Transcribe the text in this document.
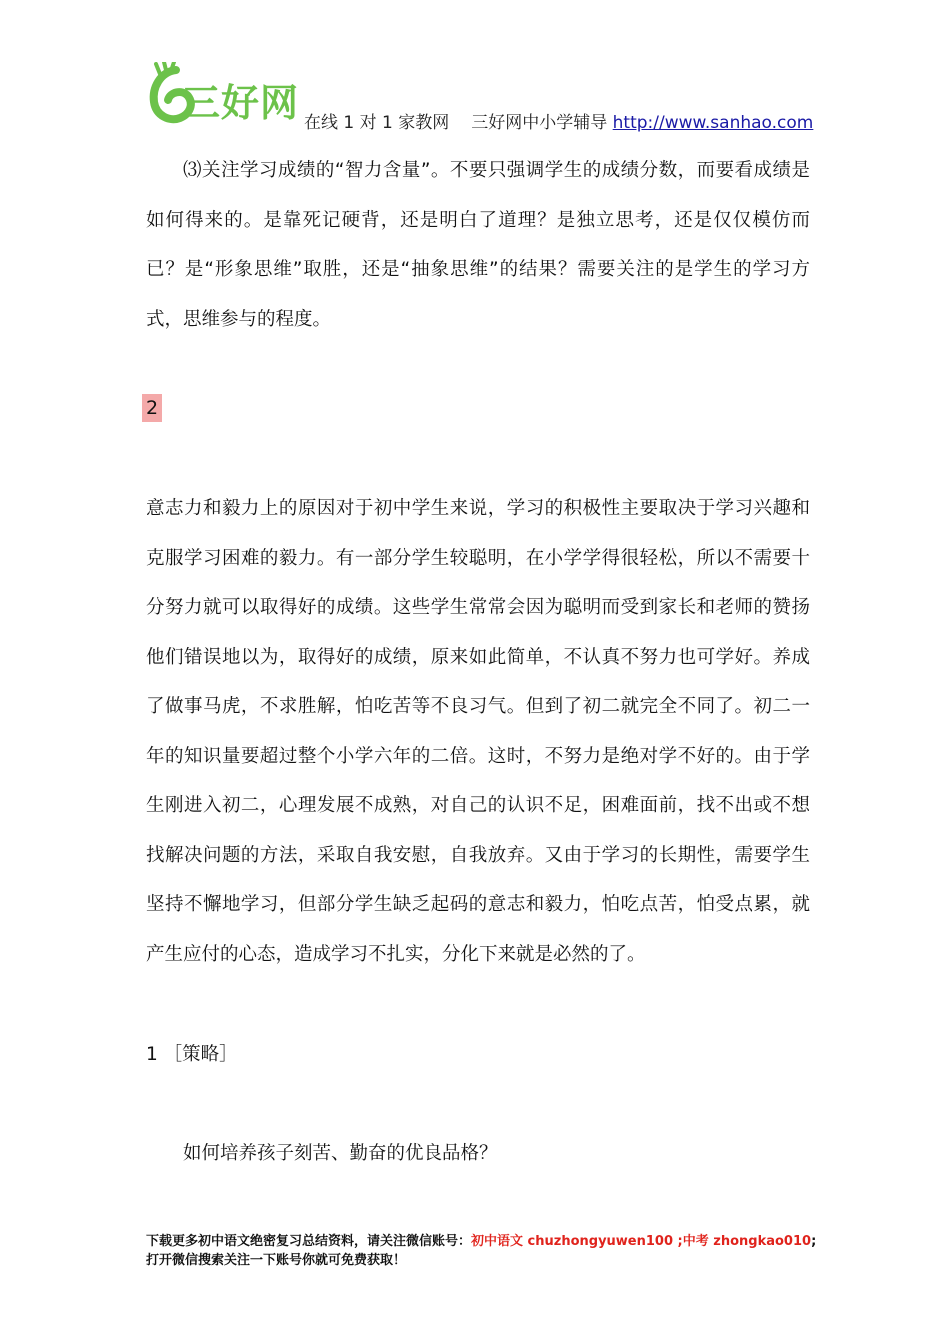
三好网 在线 1 对 1 家教网 三好网中小学辅导 http://www.sanhao.com

⑶关注学习成绩的“智力含量”。不要只强调学生的成绩分数，而要看成绩是如何得来的。是靠死记硬背，还是明白了道理？是独立思考，还是仅仅模仿而已？是“形象思维”取胜，还是“抽象思维”的结果？需要关注的是学生的学习方式，思维参与的程度。

2

意志力和毅力上的原因对于初中学生来说，学习的积极性主要取决于学习兴趣和克服学习困难的毅力。有一部分学生较聪明，在小学学得很轻松，所以不需要十分努力就可以取得好的成绩。这些学生常常会因为聪明而受到家长和老师的赞扬他们错误地以为，取得好的成绩，原来如此简单，不认真不努力也可学好。养成了做事马虎，不求胜解，怕吃苦等不良习气。但到了初二就完全不同了。初二一年的知识量要超过整个小学六年的二倍。这时，不努力是绝对学不好的。由于学生刚进入初二，心理发展不成熟，对自己的认识不足，困难面前，找不出或不想找解决问题的方法，采取自我安慰，自我放弃。又由于学习的长期性，需要学生坚持不懈地学习，但部分学生缺乏起码的意志和毅力，怕吃点苦，怕受点累，就产生应付的心态，造成学习不扎实，分化下来就是必然的了。

1 ［策略］
如何培养孩子刻苦、勤奋的优良品格？
下载更多初中语文绝密复习总结资料，请关注微信账号：初中语文 chuzhongyuwen100 ;中考 zhongkao010;
打开微信搜索关注一下账号你就可免费获取！
